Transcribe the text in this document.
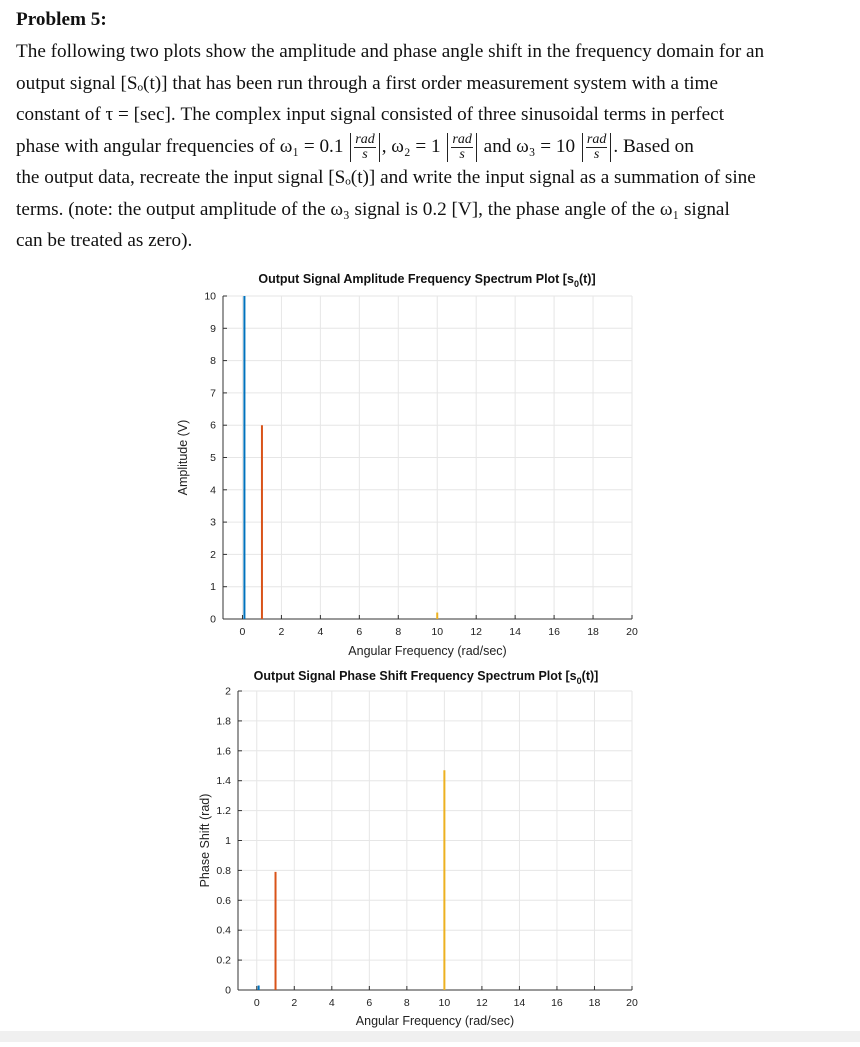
Problem 5:
The following two plots show the amplitude and phase angle shift in the frequency domain for an
output signal [Sₒ(t)] that has been run through a first order measurement system with a time
constant of τ = [sec]. The complex input signal consisted of three sinusoidal terms in perfect
phase with angular frequencies of $\omega_1 = 0.1 \frac{\text{rad}}{s}$ , $\omega_2 = 1 \frac{\text{rad}}{s}$ and $\omega_3 = 10 \frac{\text{rad}}{s}$ . Based on
the output data, recreate the input signal [Sₒ(t)] and write the input signal as a summation of sine
terms. (note: the output amplitude of the ω₃ signal is 0.2 [V], the phase angle of the ω₁ signal
can be treated as zero).
0	2	4	6	8	10	12	14	16	18	20
0
1
2
3
4
5
6
7
8
9
10
Output Signal Amplitude Frequency Spectrum Plot $[s_0(t)]$
Angular Frequency (rad/sec)
Amplitude (V)
0	2	4	6	8	10 12 14 16 18 20
0
0.2
0.4
0.6
0.8
1
1.2
1.4
1.6
1.8
2
Output Signal Phase Shift Frequency Spectrum Plot $[s_0(t)]$
Angular Frequency (rad/sec)
Phase Shift (rad)
